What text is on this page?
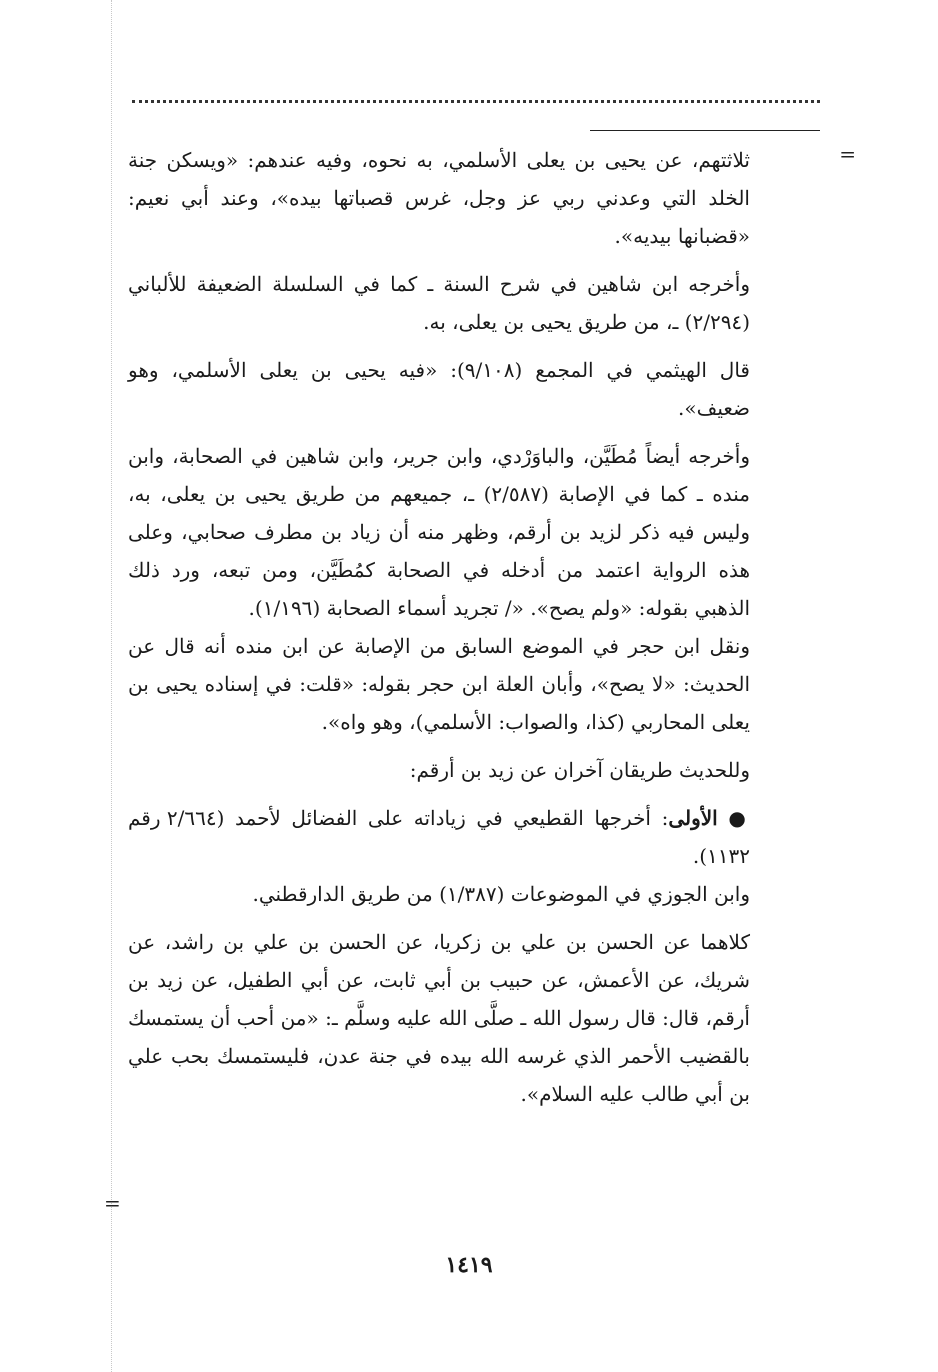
=
=

ثلاثتهم، عن يحيى بن يعلى الأسلمي، به نحوه، وفيه عندهم: «ويسكن جنة الخلد التي وعدني ربي عز وجل، غرس قصباتها بيده»، وعند أبي نعيم: «قضبانها بيديه».

وأخرجه ابن شاهين في شرح السنة ـ كما في السلسلة الضعيفة للألباني (٢/٢٩٤) ـ، من طريق يحيى بن يعلى، به.

قال الهيثمي في المجمع (٩/١٠٨): «فيه يحيى بن يعلى الأسلمي، وهو ضعيف».

وأخرجه أيضاً مُطَيَّن، والباوَرْدي، وابن جرير، وابن شاهين في الصحابة، وابن منده ـ كما في الإصابة (٢/٥٨٧) ـ، جميعهم من طريق يحيى بن يعلى، به، وليس فيه ذكر لزيد بن أرقم، وظهر منه أن زياد بن مطرف صحابي، وعلى هذه الرواية اعتمد من أدخله في الصحابة كمُطَيَّن، ومن تبعه، ورد ذلك الذهبي بقوله: «ولم يصح». «/ تجريد أسماء الصحابة (١/١٩٦).

ونقل ابن حجر في الموضع السابق من الإصابة عن ابن منده أنه قال عن الحديث: «لا يصح»، وأبان العلة ابن حجر بقوله: «قلت: في إسناده يحيى بن يعلى المحاربي (كذا، والصواب: الأسلمي)، وهو واه».

وللحديث طريقان آخران عن زيد بن أرقم:

● الأولى: أخرجها القطيعي في زياداته على الفضائل لأحمد (٢/٦٦٤ رقم ١١٣٢).

وابن الجوزي في الموضوعات (١/٣٨٧) من طريق الدارقطني.

كلاهما عن الحسن بن علي بن زكريا، عن الحسن بن علي بن راشد، عن شريك، عن الأعمش، عن حبيب بن أبي ثابت، عن أبي الطفيل، عن زيد بن أرقم، قال: قال رسول الله ـ صلَّى الله عليه وسلَّم ـ: «من أحب أن يستمسك بالقضيب الأحمر الذي غرسه الله بيده في جنة عدن، فليستمسك بحب علي بن أبي طالب عليه السلام».

١٤١٩
